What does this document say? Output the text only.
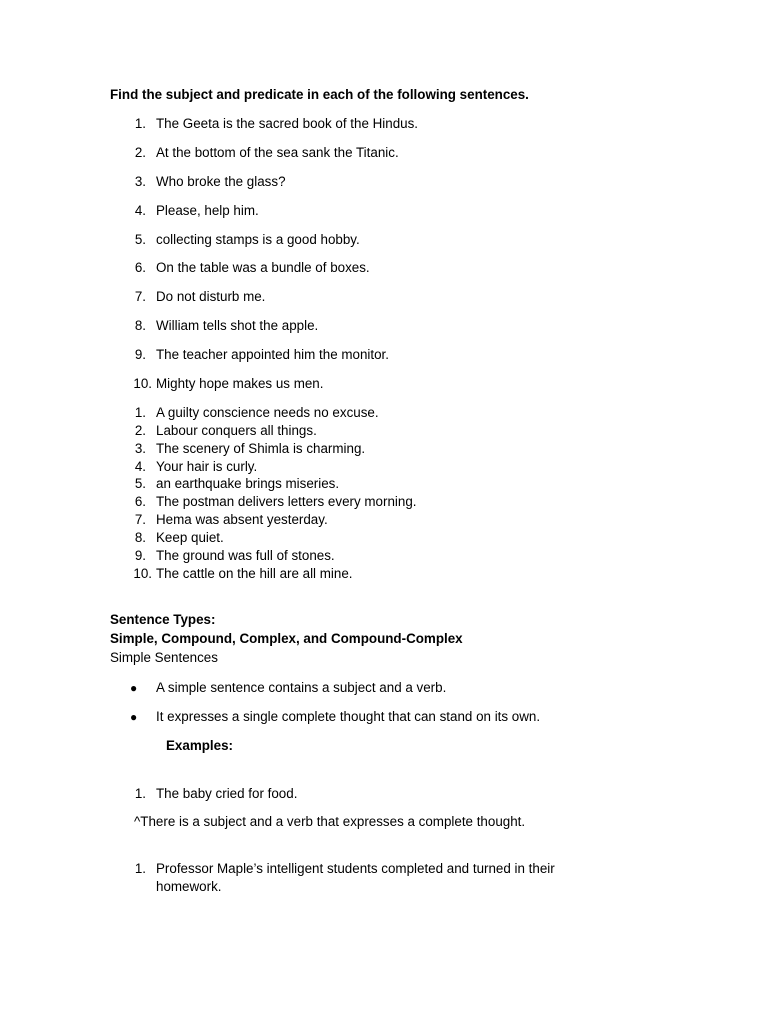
Find the subject and predicate in each of the following sentences.
1. The Geeta is the sacred book of the Hindus.
2. At the bottom of the sea sank the Titanic.
3. Who broke the glass?
4. Please, help him.
5. collecting stamps is a good hobby.
6. On the table was a bundle of boxes.
7. Do not disturb me.
8. William tells shot the apple.
9. The teacher appointed him the monitor.
10. Mighty hope makes us men.
1. A guilty conscience needs no excuse.
2. Labour conquers all things.
3. The scenery of Shimla is charming.
4. Your hair is curly.
5. an earthquake brings miseries.
6. The postman delivers letters every morning.
7. Hema was absent yesterday.
8. Keep quiet.
9. The ground was full of stones.
10. The cattle on the hill are all mine.
Sentence Types:
Simple, Compound, Complex, and Compound-Complex
Simple Sentences
● A simple sentence contains a subject and a verb.
● It expresses a single complete thought that can stand on its own.
Examples:
1. The baby cried for food.
^There is a subject and a verb that expresses a complete thought.
1. Professor Maple’s intelligent students completed and turned in their
homework.
